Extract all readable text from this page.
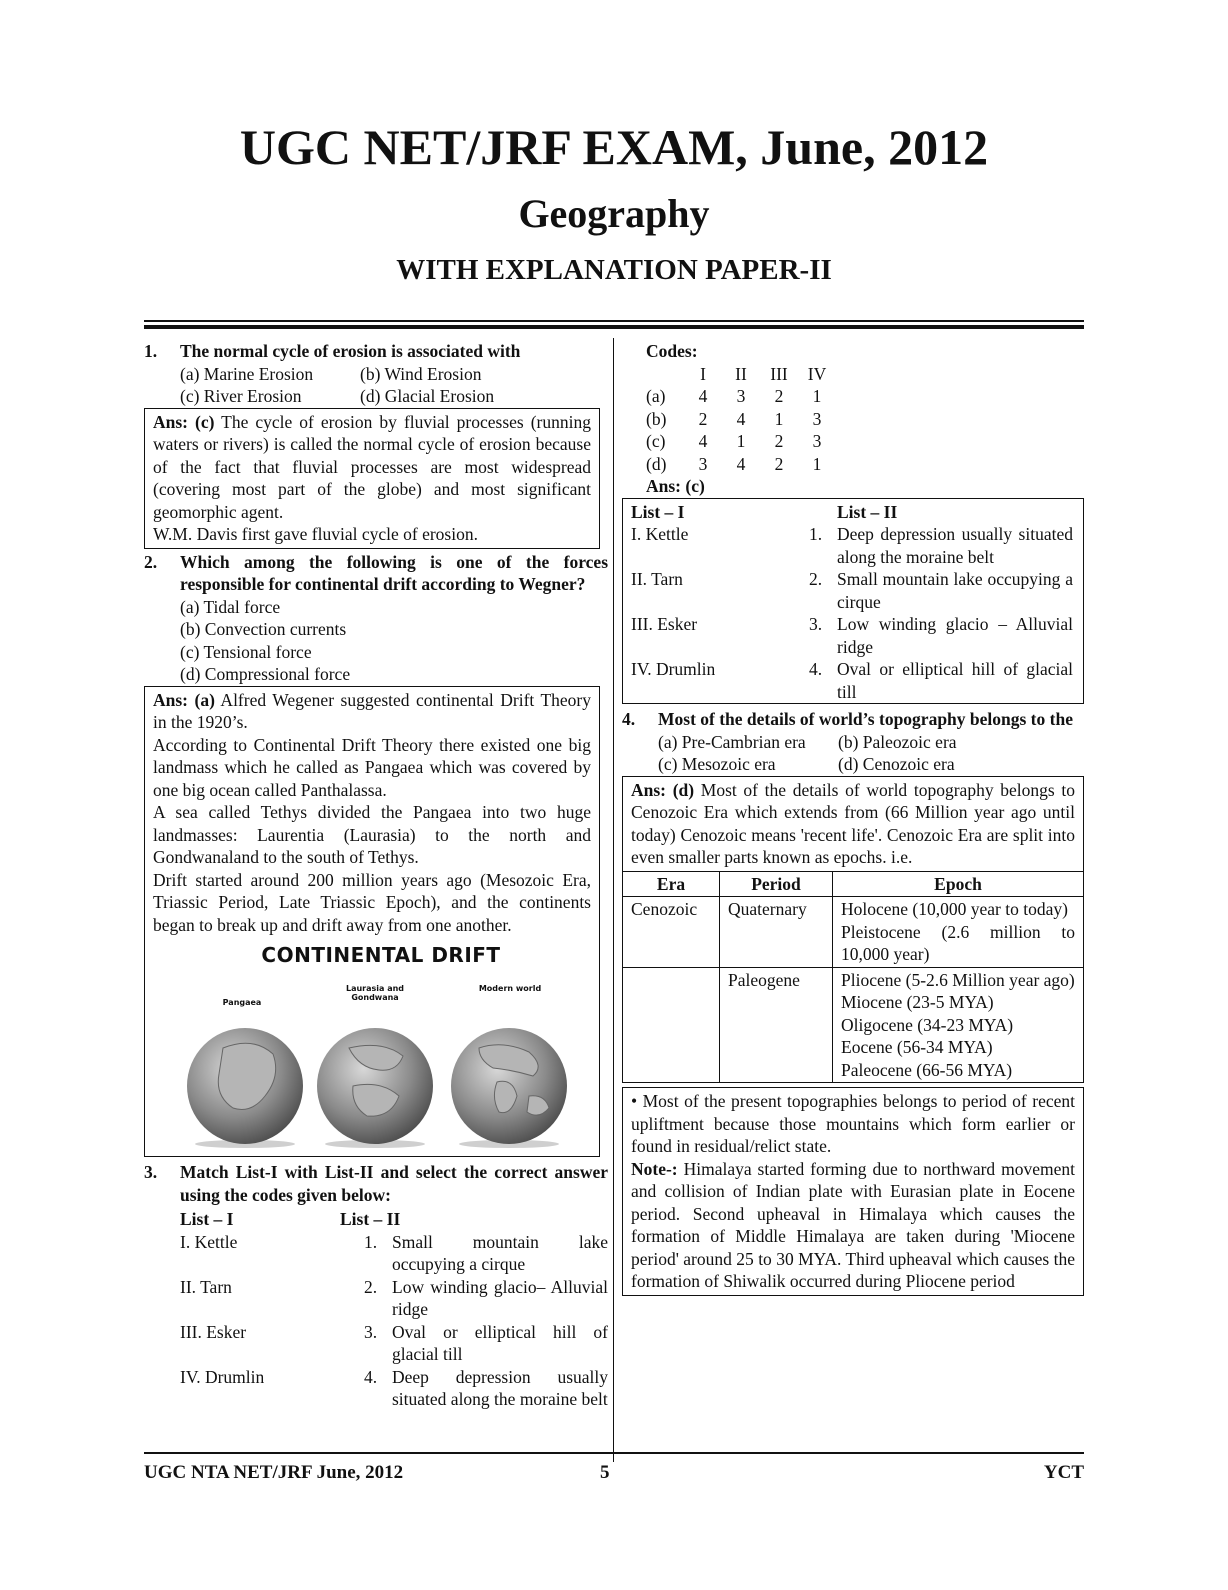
UGC NET/JRF EXAM, June, 2012
Geography
WITH EXPLANATION PAPER-II
1. The normal cycle of erosion is associated with
(a) Marine Erosion	(b) Wind Erosion
(c) River Erosion	(d) Glacial Erosion
Ans: (c) The cycle of erosion by fluvial processes (running waters or rivers) is called the normal cycle of erosion because of the fact that fluvial processes are most widespread (covering most part of the globe) and most significant geomorphic agent.
W.M. Davis first gave fluvial cycle of erosion.
2. Which among the following is one of the forces responsible for continental drift according to Wegner?
(a) Tidal force
(b) Convection currents
(c) Tensional force
(d) Compressional force
Ans: (a) Alfred Wegener suggested continental Drift Theory in the 1920’s.
According to Continental Drift Theory there existed one big landmass which he called as Pangaea which was covered by one big ocean called Panthalassa.
A sea called Tethys divided the Pangaea into two huge landmasses: Laurentia (Laurasia) to the north and Gondwanaland to the south of Tethys.
Drift started around 200 million years ago (Mesozoic Era, Triassic Period, Late Triassic Epoch), and the continents began to break up and drift away from one another.
CONTINENTAL DRIFT
Pangaea
Laurasia and Gondwana
Modern world
3. Match List-I with List-II and select the correct answer using the codes given below:
List – I	List – II
I. Kettle	1. Small mountain lake occupying a cirque
II. Tarn	2. Low winding glacio– Alluvial ridge
III. Esker	3. Oval or elliptical hill of glacial till
IV. Drumlin	4. Deep depression usually situated along the moraine belt
Codes:
I	II	III	IV
(a)	4	3	2	1
(b)	2	4	1	3
(c)	4	1	2	3
(d)	3	4	2	1
Ans: (c)
List – I	List – II
I. Kettle	1. Deep depression usually situated along the moraine belt
II. Tarn	2. Small mountain lake occupying a cirque
III. Esker	3. Low winding glacio – Alluvial ridge
IV. Drumlin	4. Oval or elliptical hill of glacial till
4. Most of the details of world’s topography belongs to the
(a) Pre-Cambrian era	(b) Paleozoic era
(c) Mesozoic era	(d) Cenozoic era
Ans: (d) Most of the details of world topography belongs to Cenozoic Era which extends from (66 Million year ago until today) Cenozoic means 'recent life'. Cenozoic Era are split into even smaller parts known as epochs. i.e.
Era	Period	Epoch
Cenozoic	Quaternary	Holocene (10,000 year to today)
Pleistocene (2.6 million to 10,000 year)

	Paleogene	Pliocene (5-2.6 Million year ago)
Miocene (23-5 MYA)
Oligocene (34-23 MYA)
Eocene (56-34 MYA)
Paleocene (66-56 MYA)
• Most of the present topographies belongs to period of recent upliftment because those mountains which form earlier or found in residual/relict state.
Note-: Himalaya started forming due to northward movement and collision of Indian plate with Eurasian plate in Eocene period. Second upheaval in Himalaya which causes the formation of Middle Himalaya are taken during 'Miocene period' around 25 to 30 MYA. Third upheaval which causes the formation of Shiwalik occurred during Pliocene period
UGC NTA NET/JRF June, 2012	5	YCT
